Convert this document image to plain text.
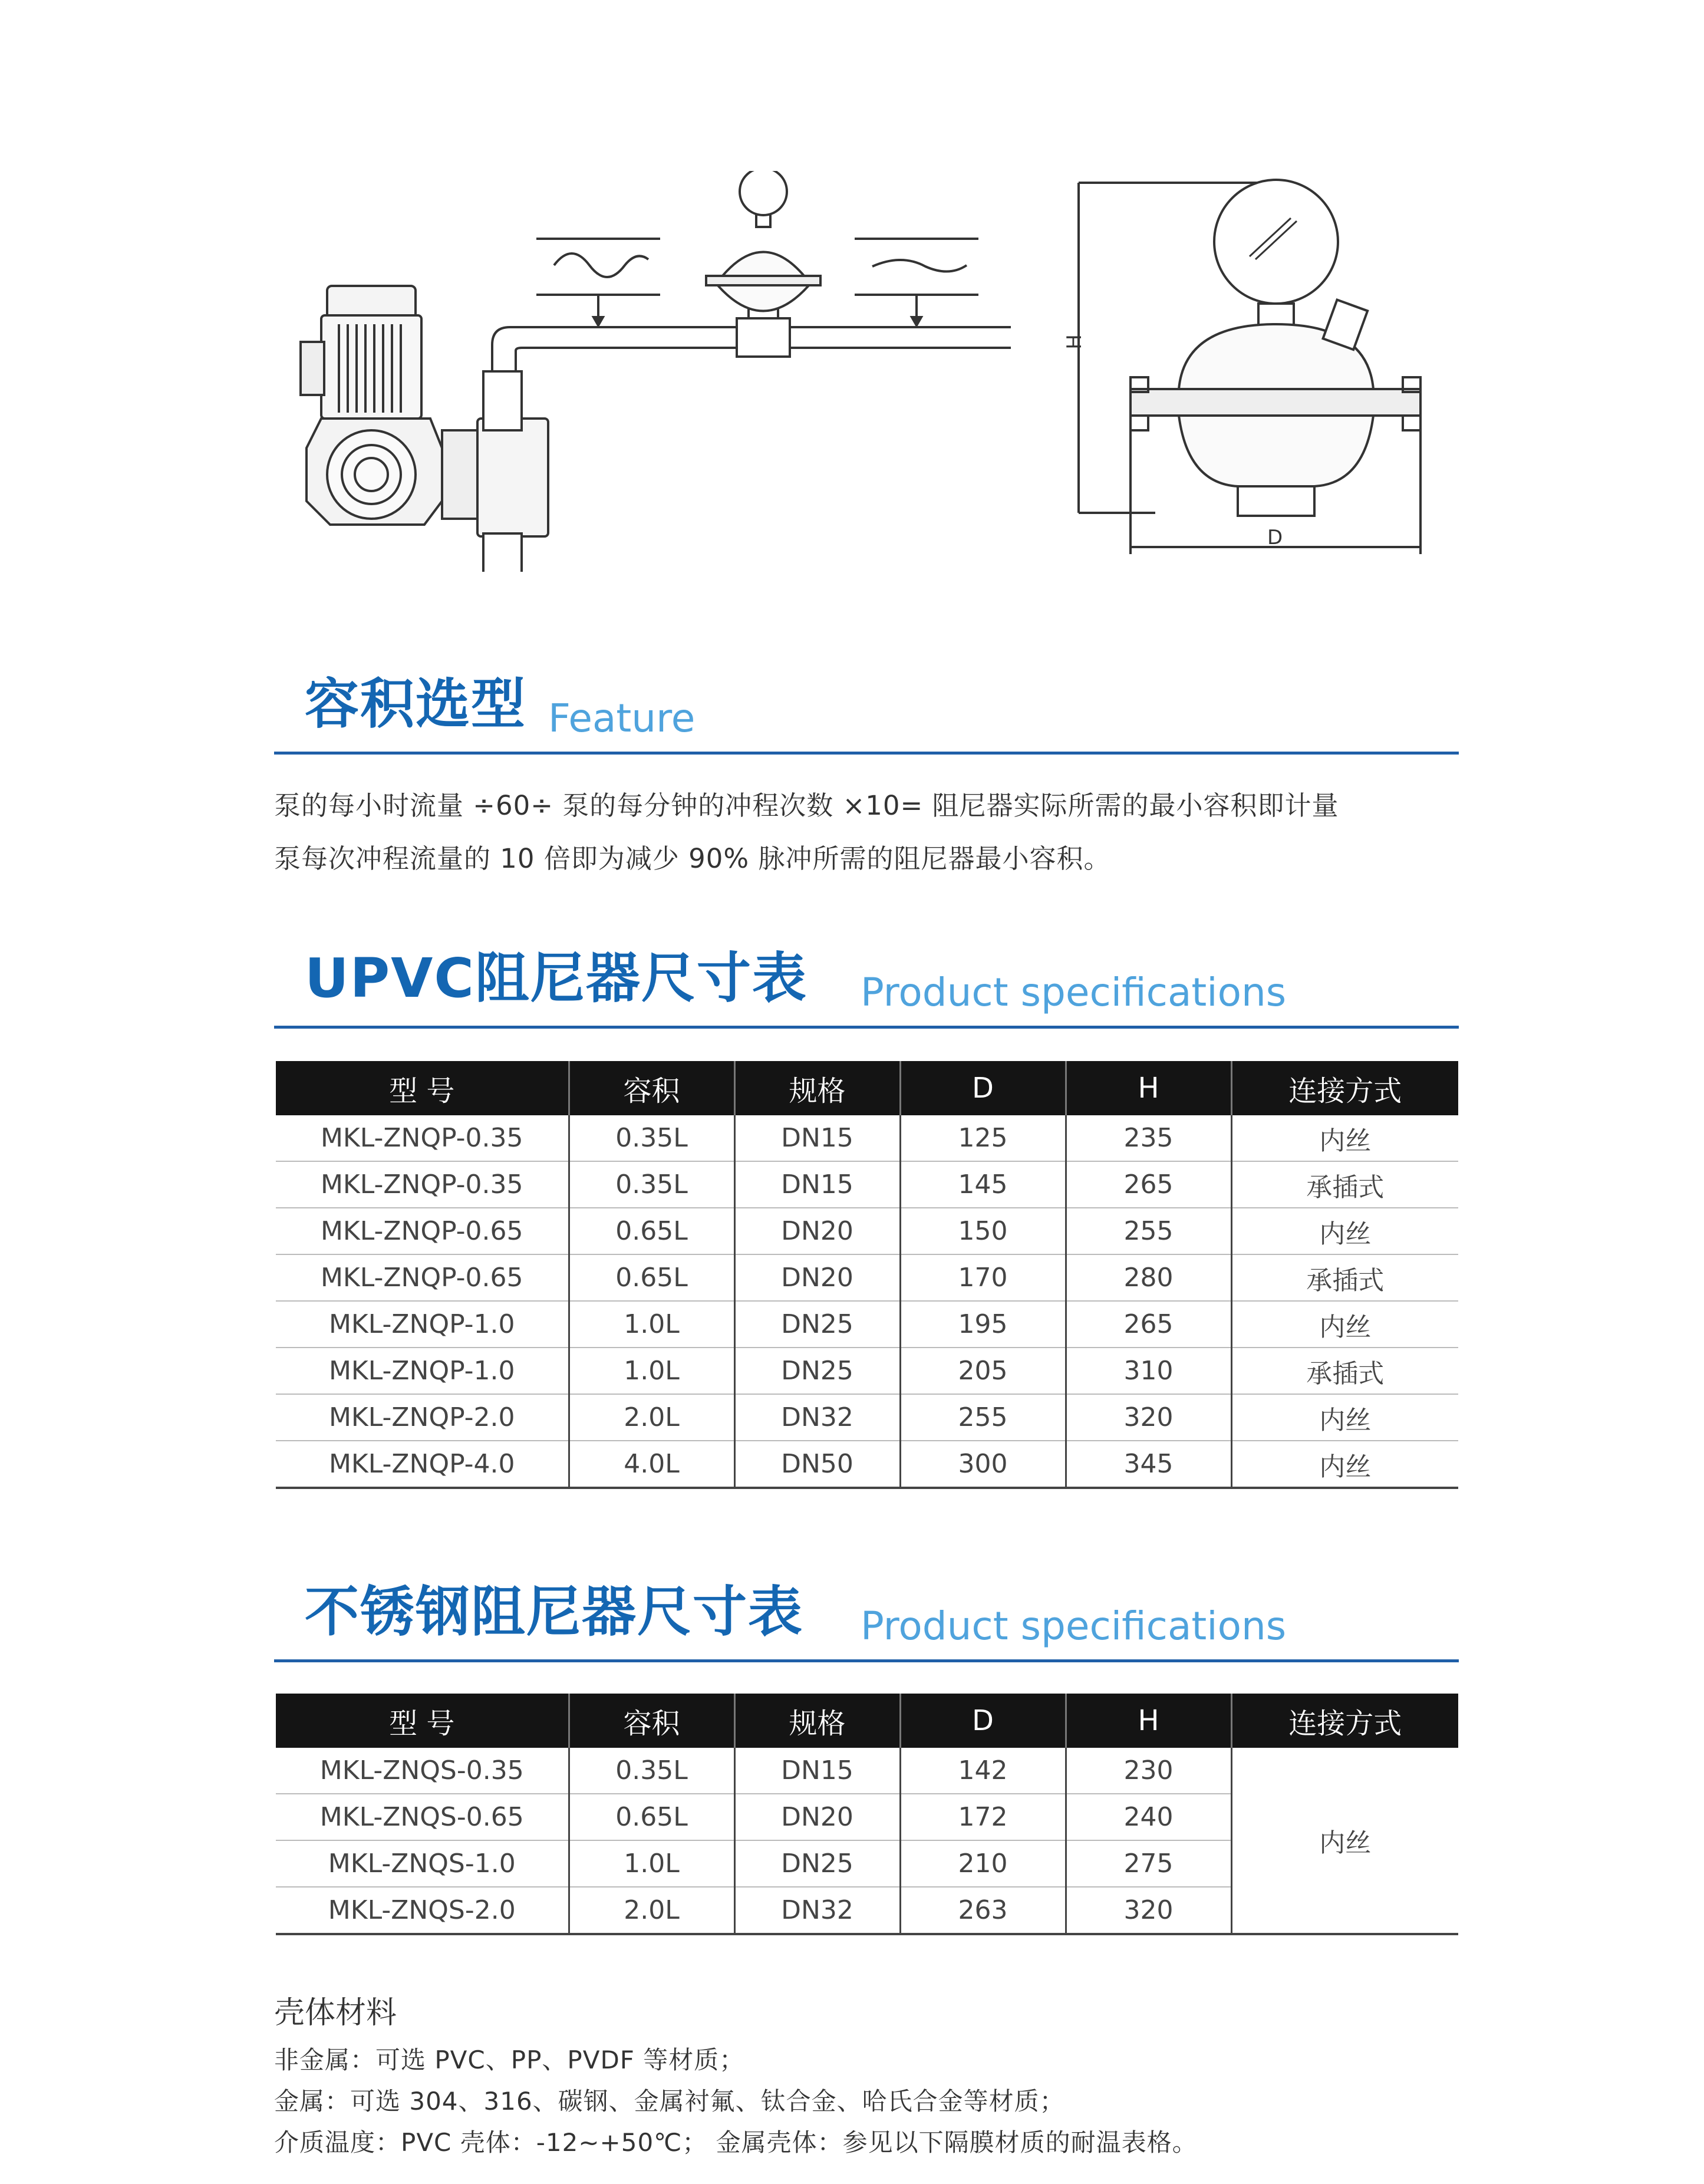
H
D
容积选型 Feature
泵的每小时流量 ÷60÷ 泵的每分钟的冲程次数 ×10= 阻尼器实际所需的最小容积即计量
泵每次冲程流量的 10 倍即为减少 90% 脉冲所需的阻尼器最小容积。
UPVC阻尼器尺寸表 Product specifications
型 号	容积	规格	D	H	连接方式
MKL-ZNQP-0.35	0.35L	DN15	125	235	内丝
MKL-ZNQP-0.35	0.35L	DN15	145	265	承插式
MKL-ZNQP-0.65	0.65L	DN20	150	255	内丝
MKL-ZNQP-0.65	0.65L	DN20	170	280	承插式
MKL-ZNQP-1.0	1.0L	DN25	195	265	内丝
MKL-ZNQP-1.0	1.0L	DN25	205	310	承插式
MKL-ZNQP-2.0	2.0L	DN32	255	320	内丝
MKL-ZNQP-4.0	4.0L	DN50	300	345	内丝
不锈钢阻尼器尺寸表 Product specifications
型 号	容积	规格	D	H	连接方式
MKL-ZNQS-0.35	0.35L	DN15	142	230	内丝
MKL-ZNQS-0.65	0.65L	DN20	172	240	
MKL-ZNQS-1.0	1.0L	DN25	210	275	
MKL-ZNQS-2.0	2.0L	DN32	263	320	
壳体材料
非金属：可选 PVC、PP、PVDF 等材质；
金属：可选 304、316、碳钢、金属衬氟、钛合金、哈氏合金等材质；
介质温度：PVC 壳体：-12~+50℃； 金属壳体：参见以下隔膜材质的耐温表格。
